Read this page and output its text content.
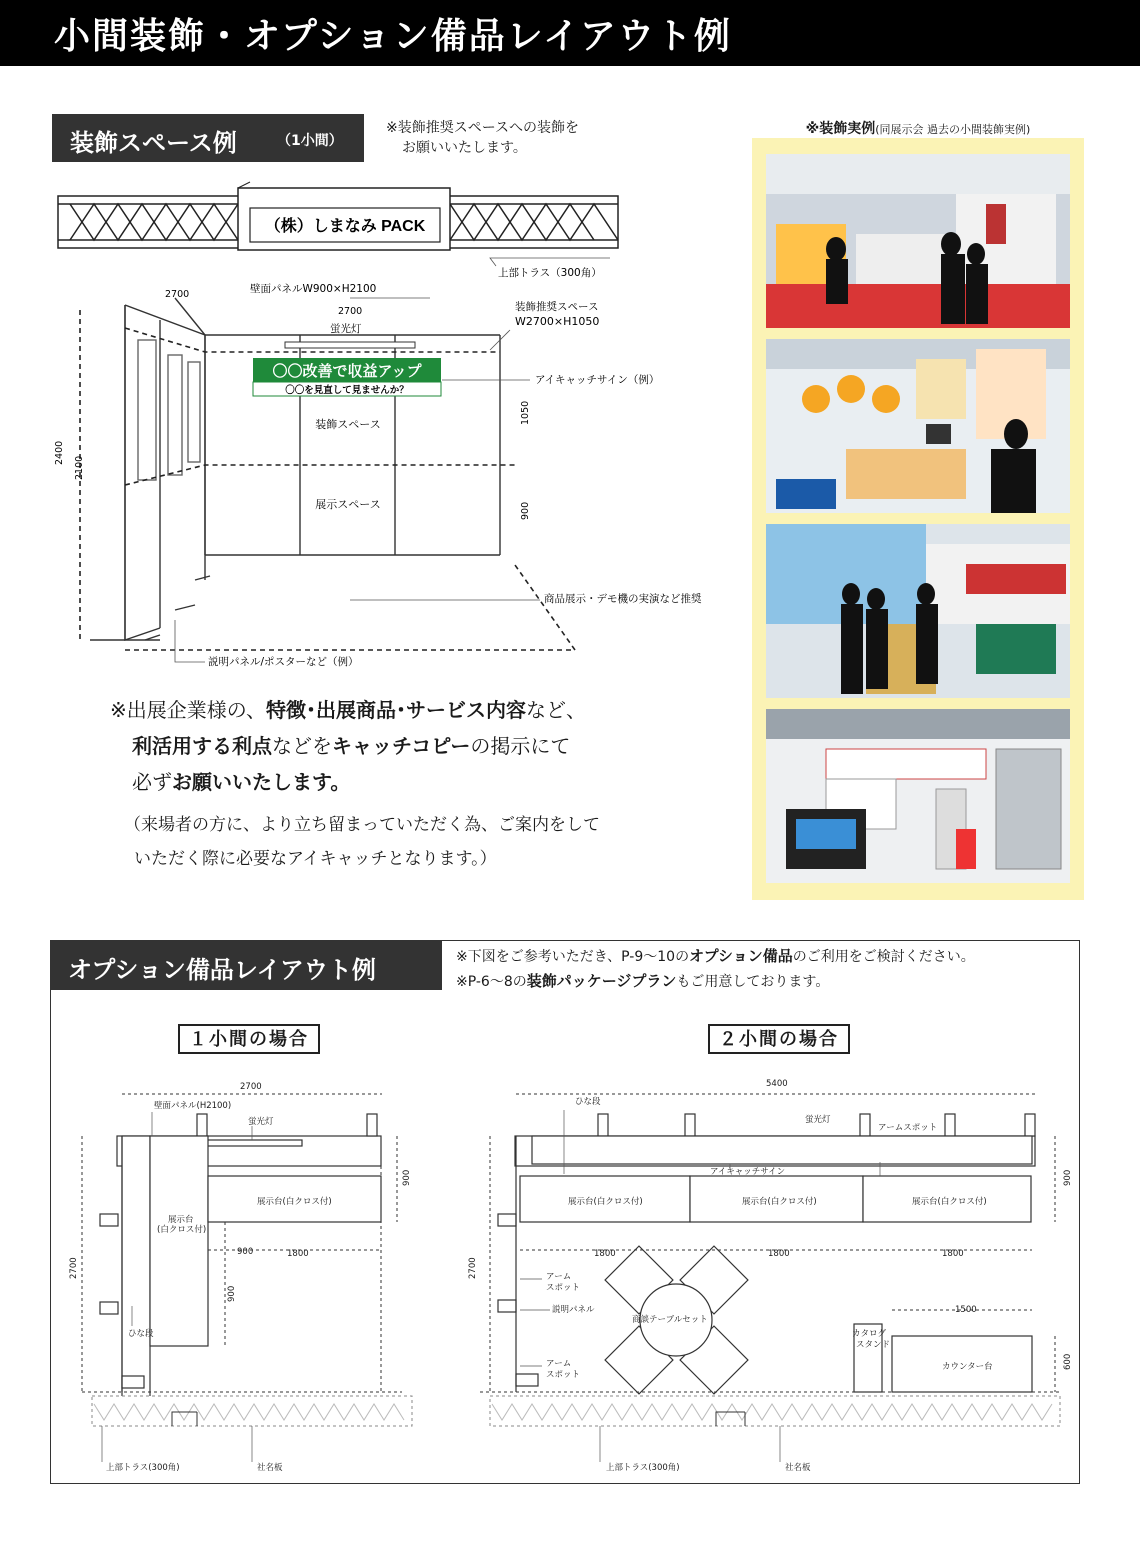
小間装飾・オプション備品レイアウト例
装飾スペース例	（1小間）
※装飾推奨スペースへの装飾を
お願いいたします。
（株）しまなみ PACK
〇〇改善で収益アップ
〇〇を見直して見ませんか？
2700
2700
2400
2100
1050
900
装飾スペース
展示スペース
上部トラス（300角）
壁面パネルW900×H2100
蛍光灯
装飾推奨スペース
W2700×H1050
アイキャッチサイン（例）
商品展示・デモ機の実演など推奨
説明パネル/ポスターなど（例）
※装飾実例(同展示会 過去の小間装飾実例)
※出展企業様の、特徴･出展商品･サービス内容など、
利活用する利点などをキャッチコピーの掲示にて
必ずお願いいたします。
（来場者の方に、より立ち留まっていただく為、ご案内をして
いただく際に必要なアイキャッチとなります。）
オプション備品レイアウト例	※下図をご参考いただき、P-9～10のオプション備品のご利用をご検討ください。
※P-6～8の装飾パッケージプランもご用意しております。
１小間の場合	２小間の場合
2700
壁面パネル(H2100)
蛍光灯
展示台(白クロス付)
展示台
(白クロス付)
900	1800
900
900
2700
ひな段
上部トラス(300角)	社名板
5400
ひな段
蛍光灯
アームスポット
アイキャッチサイン
展示台(白クロス付)	展示台(白クロス付)	展示台(白クロス付)
1800	1800	1800
900
2700	アーム
スポット
説明パネル
商談テーブルセット
アーム
スポット
カタログ
スタンド
カウンター台
1500
600
上部トラス(300角)	社名板
